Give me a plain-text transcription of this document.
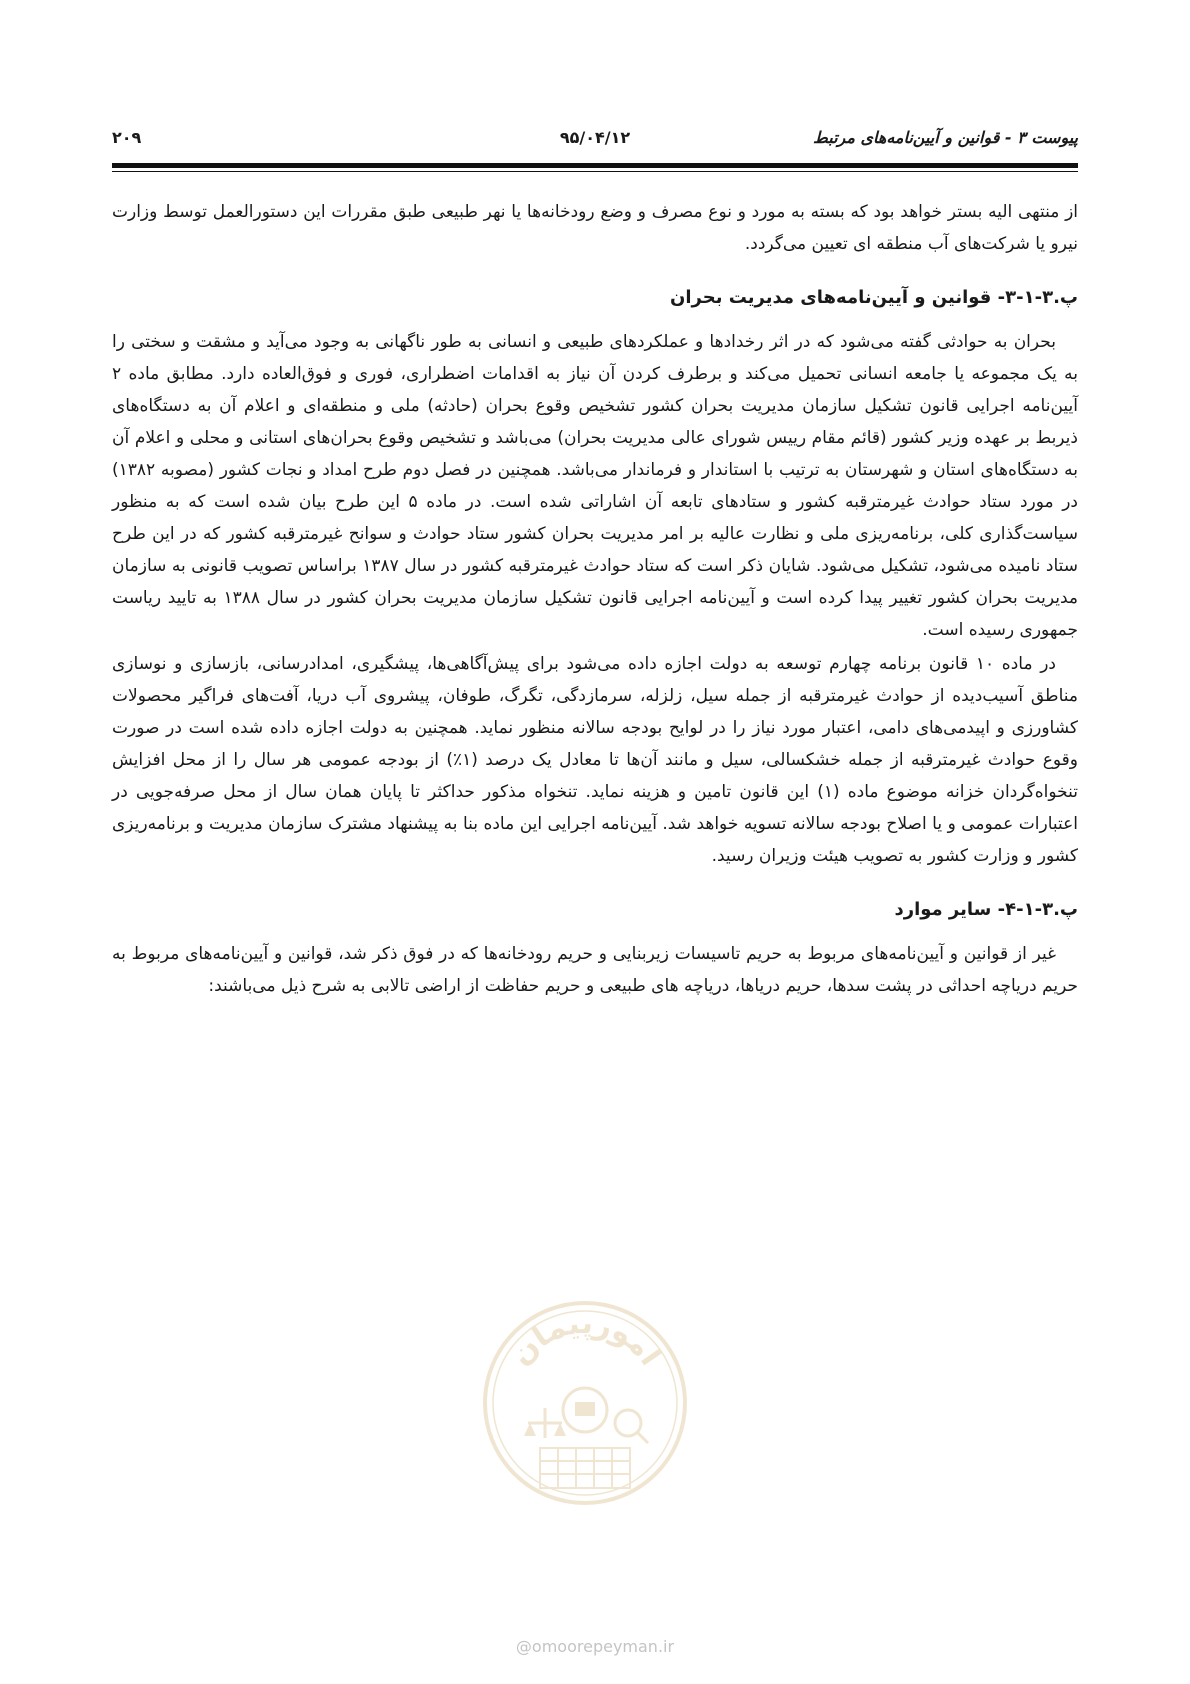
پیوست ۳ - قوانین و آیین‌نامه‌های مرتبط
۹۵/۰۴/۱۲
۲۰۹

از منتهی الیه بستر خواهد بود که بسته به مورد و نوع مصرف و وضع رودخانه‌ها یا نهر طبیعی طبق مقررات این دستورالعمل توسط وزارت نیرو یا شرکت‌های آب منطقه ای تعیین می‌گردد.

پ.۳-۱-۳- قوانین و آیین‌نامه‌های مدیریت بحران

بحران به حوادثی گفته می‌شود که در اثر رخدادها و عملکردهای طبیعی و انسانی به طور ناگهانی به وجود می‌آید و مشقت و سختی را به یک مجموعه یا جامعه انسانی تحمیل می‌کند و برطرف کردن آن نیاز به اقدامات اضطراری، فوری و فوق‌العاده دارد. مطابق ماده ۲ آیین‌نامه اجرایی قانون تشکیل سازمان مدیریت بحران کشور تشخیص وقوع بحران (حادثه) ملی و منطقه‌ای و اعلام آن به دستگاه‌های ذیربط بر عهده وزیر کشور (قائم مقام رییس شورای عالی مدیریت بحران) می‌باشد و تشخیص وقوع بحران‌های استانی و محلی و اعلام آن به دستگاه‌های استان و شهرستان به ترتیب با استاندار و فرماندار می‌باشد. همچنین در فصل دوم طرح امداد و نجات کشور (مصوبه ۱۳۸۲) در مورد ستاد حوادث غیرمترقبه کشور و ستادهای تابعه آن اشاراتی شده است. در ماده ۵ این طرح بیان شده است که به منظور سیاست‌گذاری کلی، برنامه‌ریزی ملی و نظارت عالیه بر امر مدیریت بحران کشور ستاد حوادث و سوانح غیرمترقبه کشور که در این طرح ستاد نامیده می‌شود، تشکیل می‌شود. شایان ذکر است که ستاد حوادث غیرمترقبه کشور در سال ۱۳۸۷ براساس تصویب قانونی به سازمان مدیریت بحران کشور تغییر پیدا کرده است و آیین‌نامه اجرایی قانون تشکیل سازمان مدیریت بحران کشور در سال ۱۳۸۸ به تایید ریاست جمهوری رسیده است.

در ماده ۱۰ قانون برنامه چهارم توسعه به دولت اجازه داده می‌شود برای پیش‌آگاهی‌ها، پیشگیری، امدادرسانی، بازسازی و نوسازی مناطق آسیب‌دیده از حوادث غیرمترقبه از جمله سیل، زلزله، سرمازدگی، تگرگ، طوفان، پیشروی آب دریا، آفت‌های فراگیر محصولات کشاورزی و اپیدمی‌های دامی، اعتبار مورد نیاز را در لوایح بودجه سالانه منظور نماید. همچنین به دولت اجازه داده شده است در صورت وقوع حوادث غیرمترقبه از جمله خشکسالی، سیل و مانند آن‌ها تا معادل یک درصد (۱٪) از بودجه عمومی هر سال را از محل افزایش تنخواه‌گردان خزانه موضوع ماده (۱) این قانون تامین و هزینه نماید. تنخواه مذکور حداکثر تا پایان همان سال از محل صرفه‌جویی در اعتبارات عمومی و یا اصلاح بودجه سالانه تسویه خواهد شد. آیین‌نامه اجرایی این ماده بنا به پیشنهاد مشترک سازمان مدیریت و برنامه‌ریزی کشور و وزارت کشور به تصویب هیئت وزیران رسید.

پ.۳-۱-۴- سایر موارد

غیر از قوانین و آیین‌نامه‌های مربوط به حریم تاسیسات زیربنایی و حریم رودخانه‌ها که در فوق ذکر شد، قوانین و آیین‌نامه‌های مربوط به حریم دریاچه احداثی در پشت سدها، حریم دریاها، دریاچه های طبیعی و حریم حفاظت از اراضی تالابی به شرح ذیل می‌باشند:

امورپیمان
@omoorepeyman.ir
